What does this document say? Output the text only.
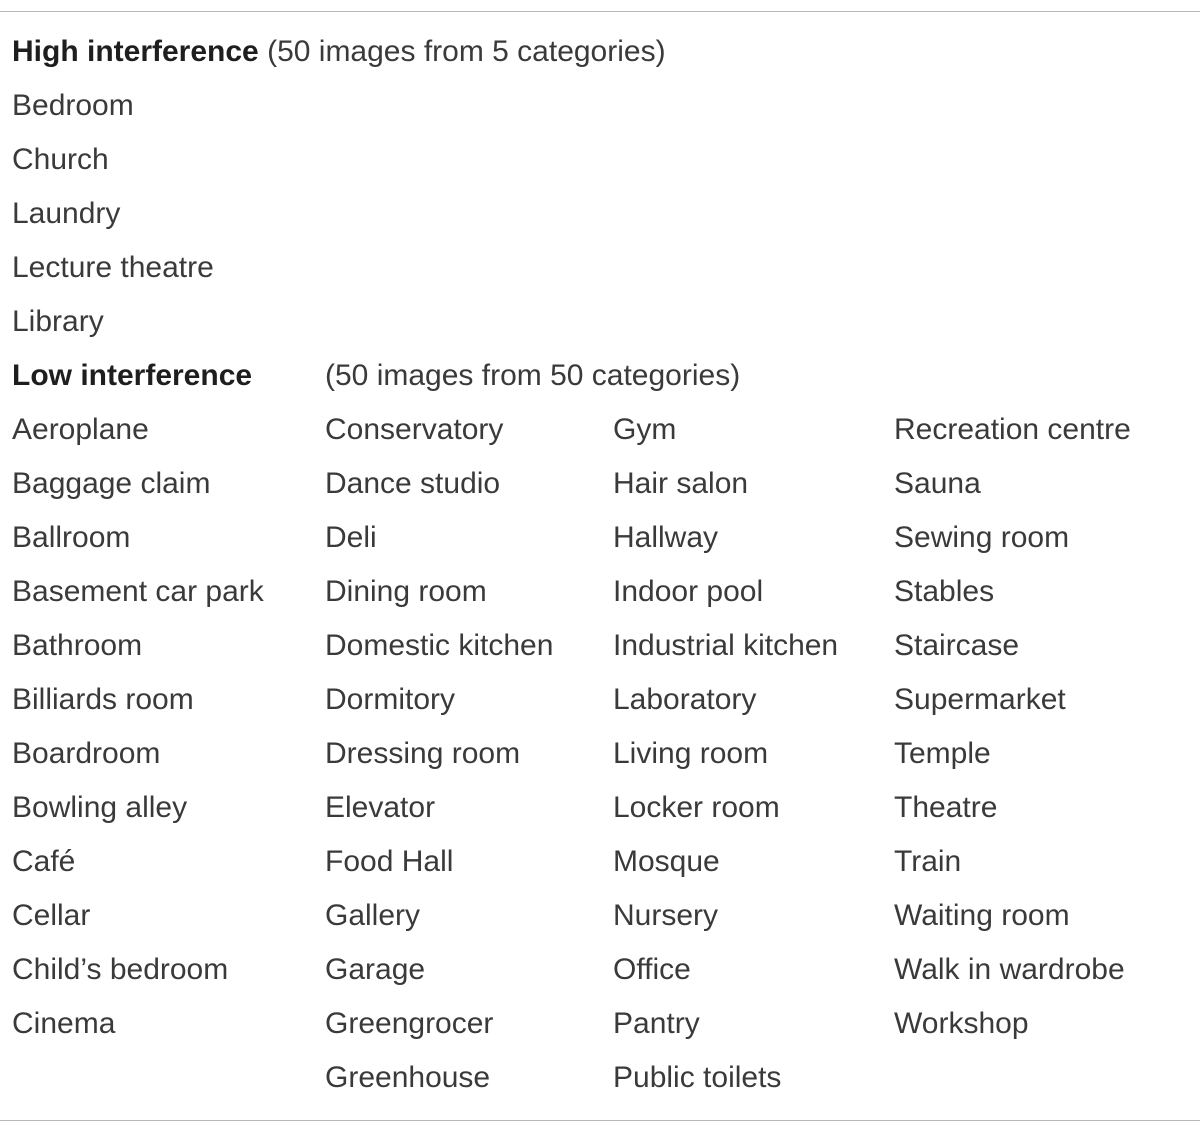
High interference (50 images from 5 categories)
Bedroom
Church
Laundry
Lecture theatre
Library
Low interference (50 images from 50 categories)
Aeroplane
Baggage claim
Ballroom
Basement car park
Bathroom
Billiards room
Boardroom
Bowling alley
Café
Cellar
Child’s bedroom
Cinema
Conservatory
Dance studio
Deli
Dining room
Domestic kitchen
Dormitory
Dressing room
Elevator
Food Hall
Gallery
Garage
Greengrocer
Greenhouse
Gym
Hair salon
Hallway
Indoor pool
Industrial kitchen
Laboratory
Living room
Locker room
Mosque
Nursery
Office
Pantry
Public toilets
Recreation centre
Sauna
Sewing room
Stables
Staircase
Supermarket
Temple
Theatre
Train
Waiting room
Walk in wardrobe
Workshop
